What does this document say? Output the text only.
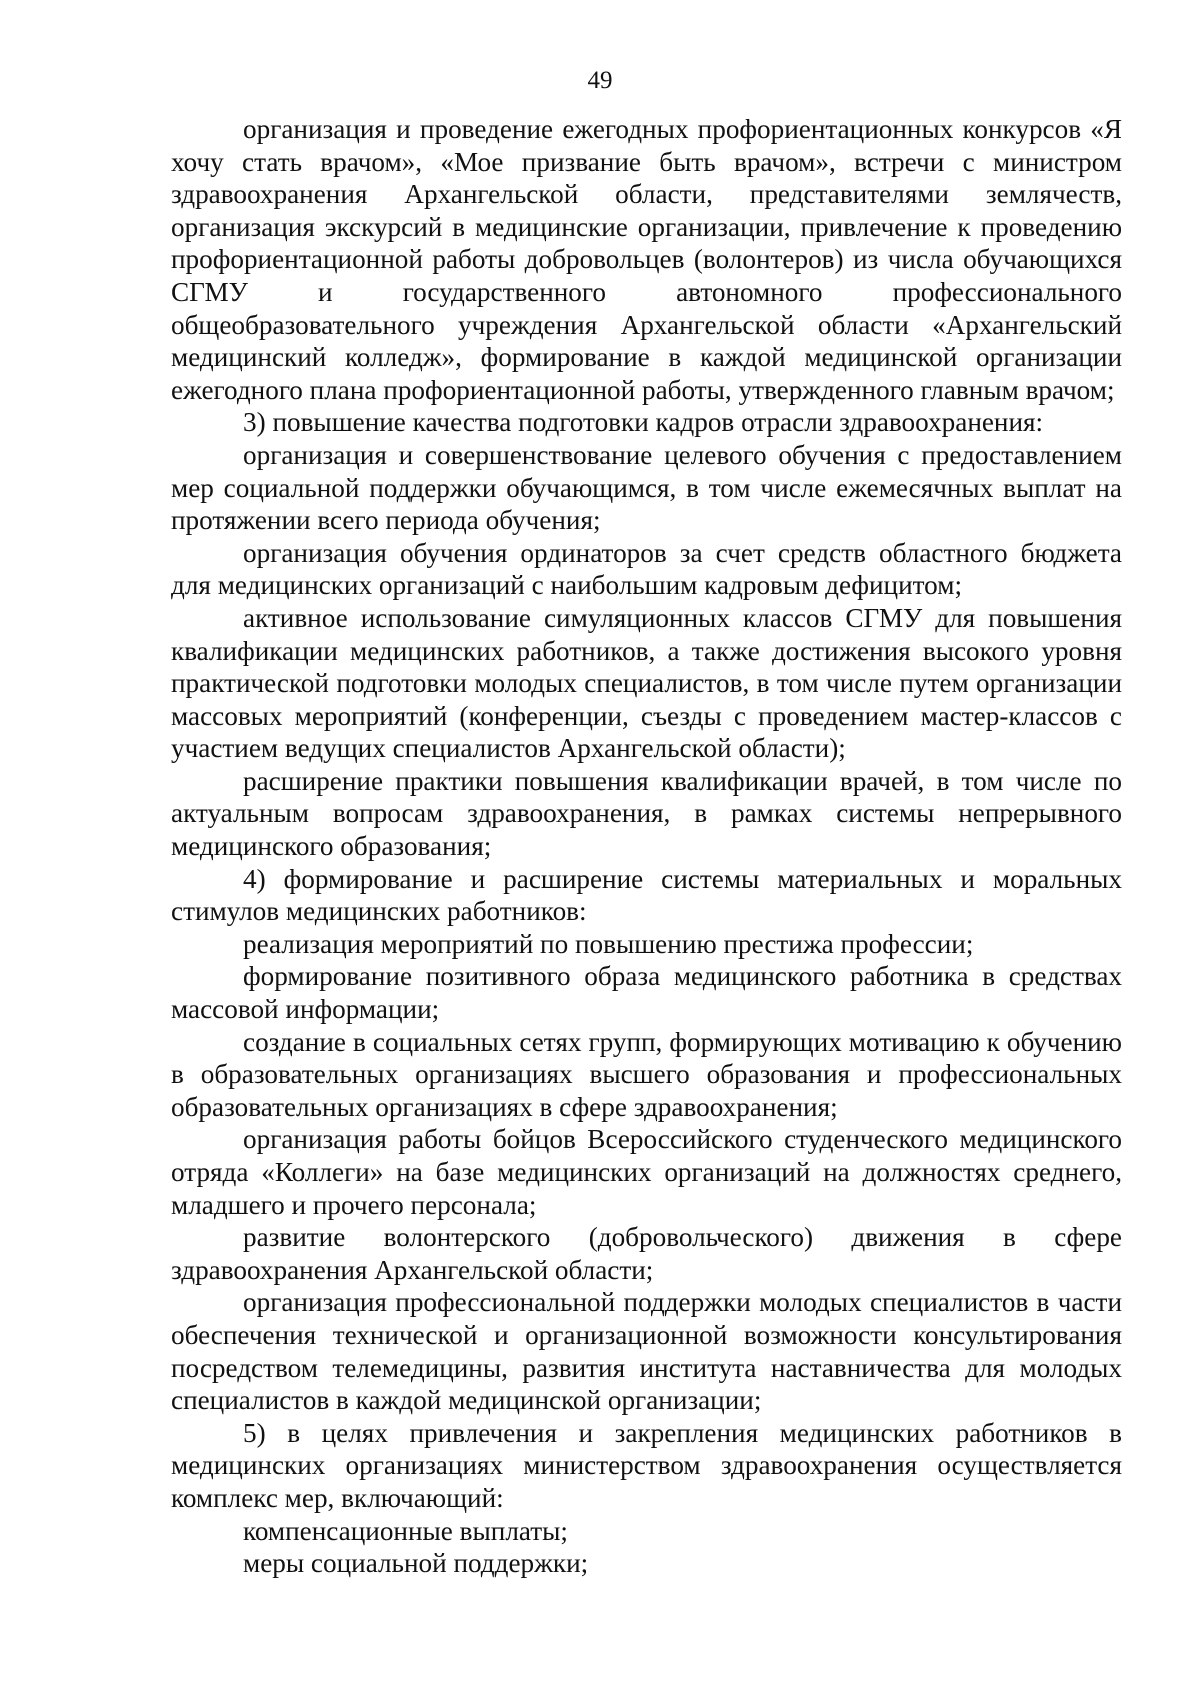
49

организация и проведение ежегодных профориентационных конкурсов «Я хочу стать врачом», «Мое призвание быть врачом», встречи с министром здравоохранения Архангельской области, представителями землячеств, организация экскурсий в медицинские организации, привлечение к проведению профориентационной работы добровольцев (волонтеров) из числа обучающихся СГМУ и государственного автономного профессионального общеобразовательного учреждения Архангельской области «Архангельский медицинский колледж», формирование в каждой медицинской организации ежегодного плана профориентационной работы, утвержденного главным врачом;

3) повышение качества подготовки кадров отрасли здравоохранения:

организация и совершенствование целевого обучения с предоставлением мер социальной поддержки обучающимся, в том числе ежемесячных выплат на протяжении всего периода обучения;

организация обучения ординаторов за счет средств областного бюджета для медицинских организаций с наибольшим кадровым дефицитом;

активное использование симуляционных классов СГМУ для повышения квалификации медицинских работников, а также достижения высокого уровня практической подготовки молодых специалистов, в том числе путем организации массовых мероприятий (конференции, съезды с проведением мастер-классов с участием ведущих специалистов Архангельской области);

расширение практики повышения квалификации врачей, в том числе по актуальным вопросам здравоохранения, в рамках системы непрерывного медицинского образования;

4) формирование и расширение системы материальных и моральных стимулов медицинских работников:

реализация мероприятий по повышению престижа профессии;

формирование позитивного образа медицинского работника в средствах массовой информации;

создание в социальных сетях групп, формирующих мотивацию к обучению в образовательных организациях высшего образования и профессиональных образовательных организациях в сфере здравоохранения;

организация работы бойцов Всероссийского студенческого медицинского отряда «Коллеги» на базе медицинских организаций на должностях среднего, младшего и прочего персонала;

развитие волонтерского (добровольческого) движения в сфере здравоохранения Архангельской области;

организация профессиональной поддержки молодых специалистов в части обеспечения технической и организационной возможности консультирования посредством телемедицины, развития института наставничества для молодых специалистов в каждой медицинской организации;

5) в целях привлечения и закрепления медицинских работников в медицинских организациях министерством здравоохранения осуществляется комплекс мер, включающий:

компенсационные выплаты;

меры социальной поддержки;
